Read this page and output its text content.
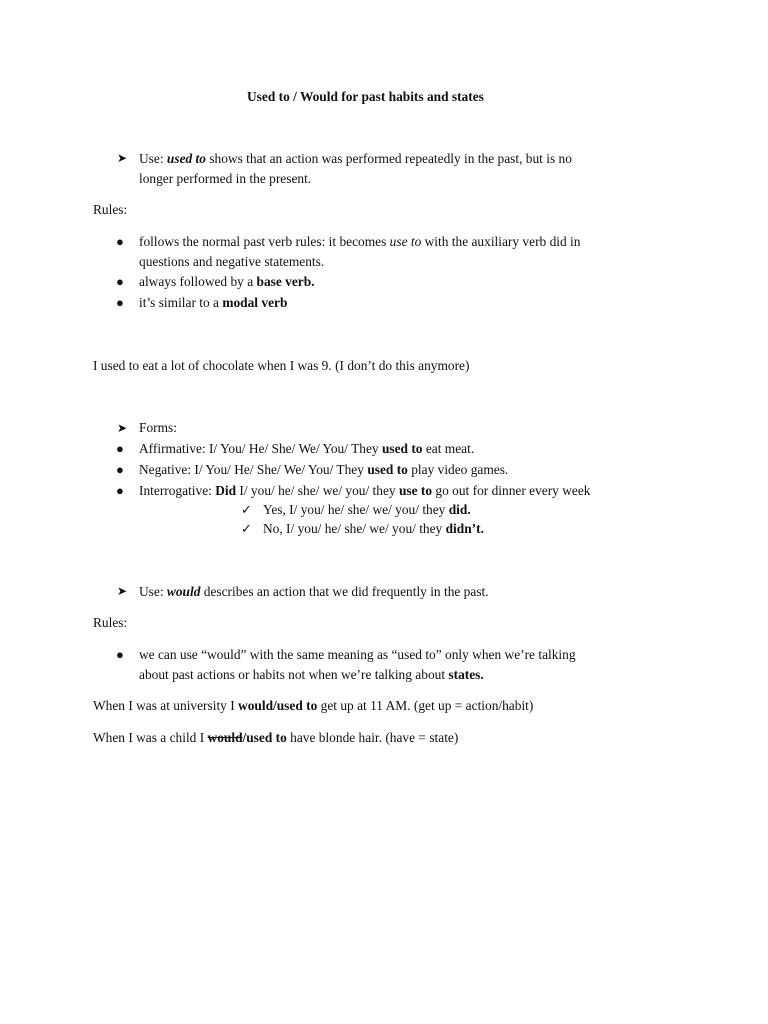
Used to / Would for past habits and states
➤ Use: used to shows that an action was performed repeatedly in the past, but is no
longer performed in the present.
Rules:
● follows the normal past verb rules: it becomes use to with the auxiliary verb did in
questions and negative statements.
● always followed by a base verb.
● it’s similar to a modal verb
I used to eat a lot of chocolate when I was 9. (I don’t do this anymore)
➤ Forms:
● Affirmative: I/ You/ He/ She/ We/ You/ They used to eat meat.
● Negative: I/ You/ He/ She/ We/ You/ They used to play video games.
● Interrogative: Did I/ you/ he/ she/ we/ you/ they use to go out for dinner every week
✓ Yes, I/ you/ he/ she/ we/ you/ they did.
✓ No, I/ you/ he/ she/ we/ you/ they didn’t.
➤ Use: would describes an action that we did frequently in the past.
Rules:
● we can use “would” with the same meaning as “used to” only when we’re talking
about past actions or habits not when we’re talking about states.
When I was at university I would/used to get up at 11 AM. (get up = action/habit)
When I was a child I would/used to have blonde hair. (have = state)
